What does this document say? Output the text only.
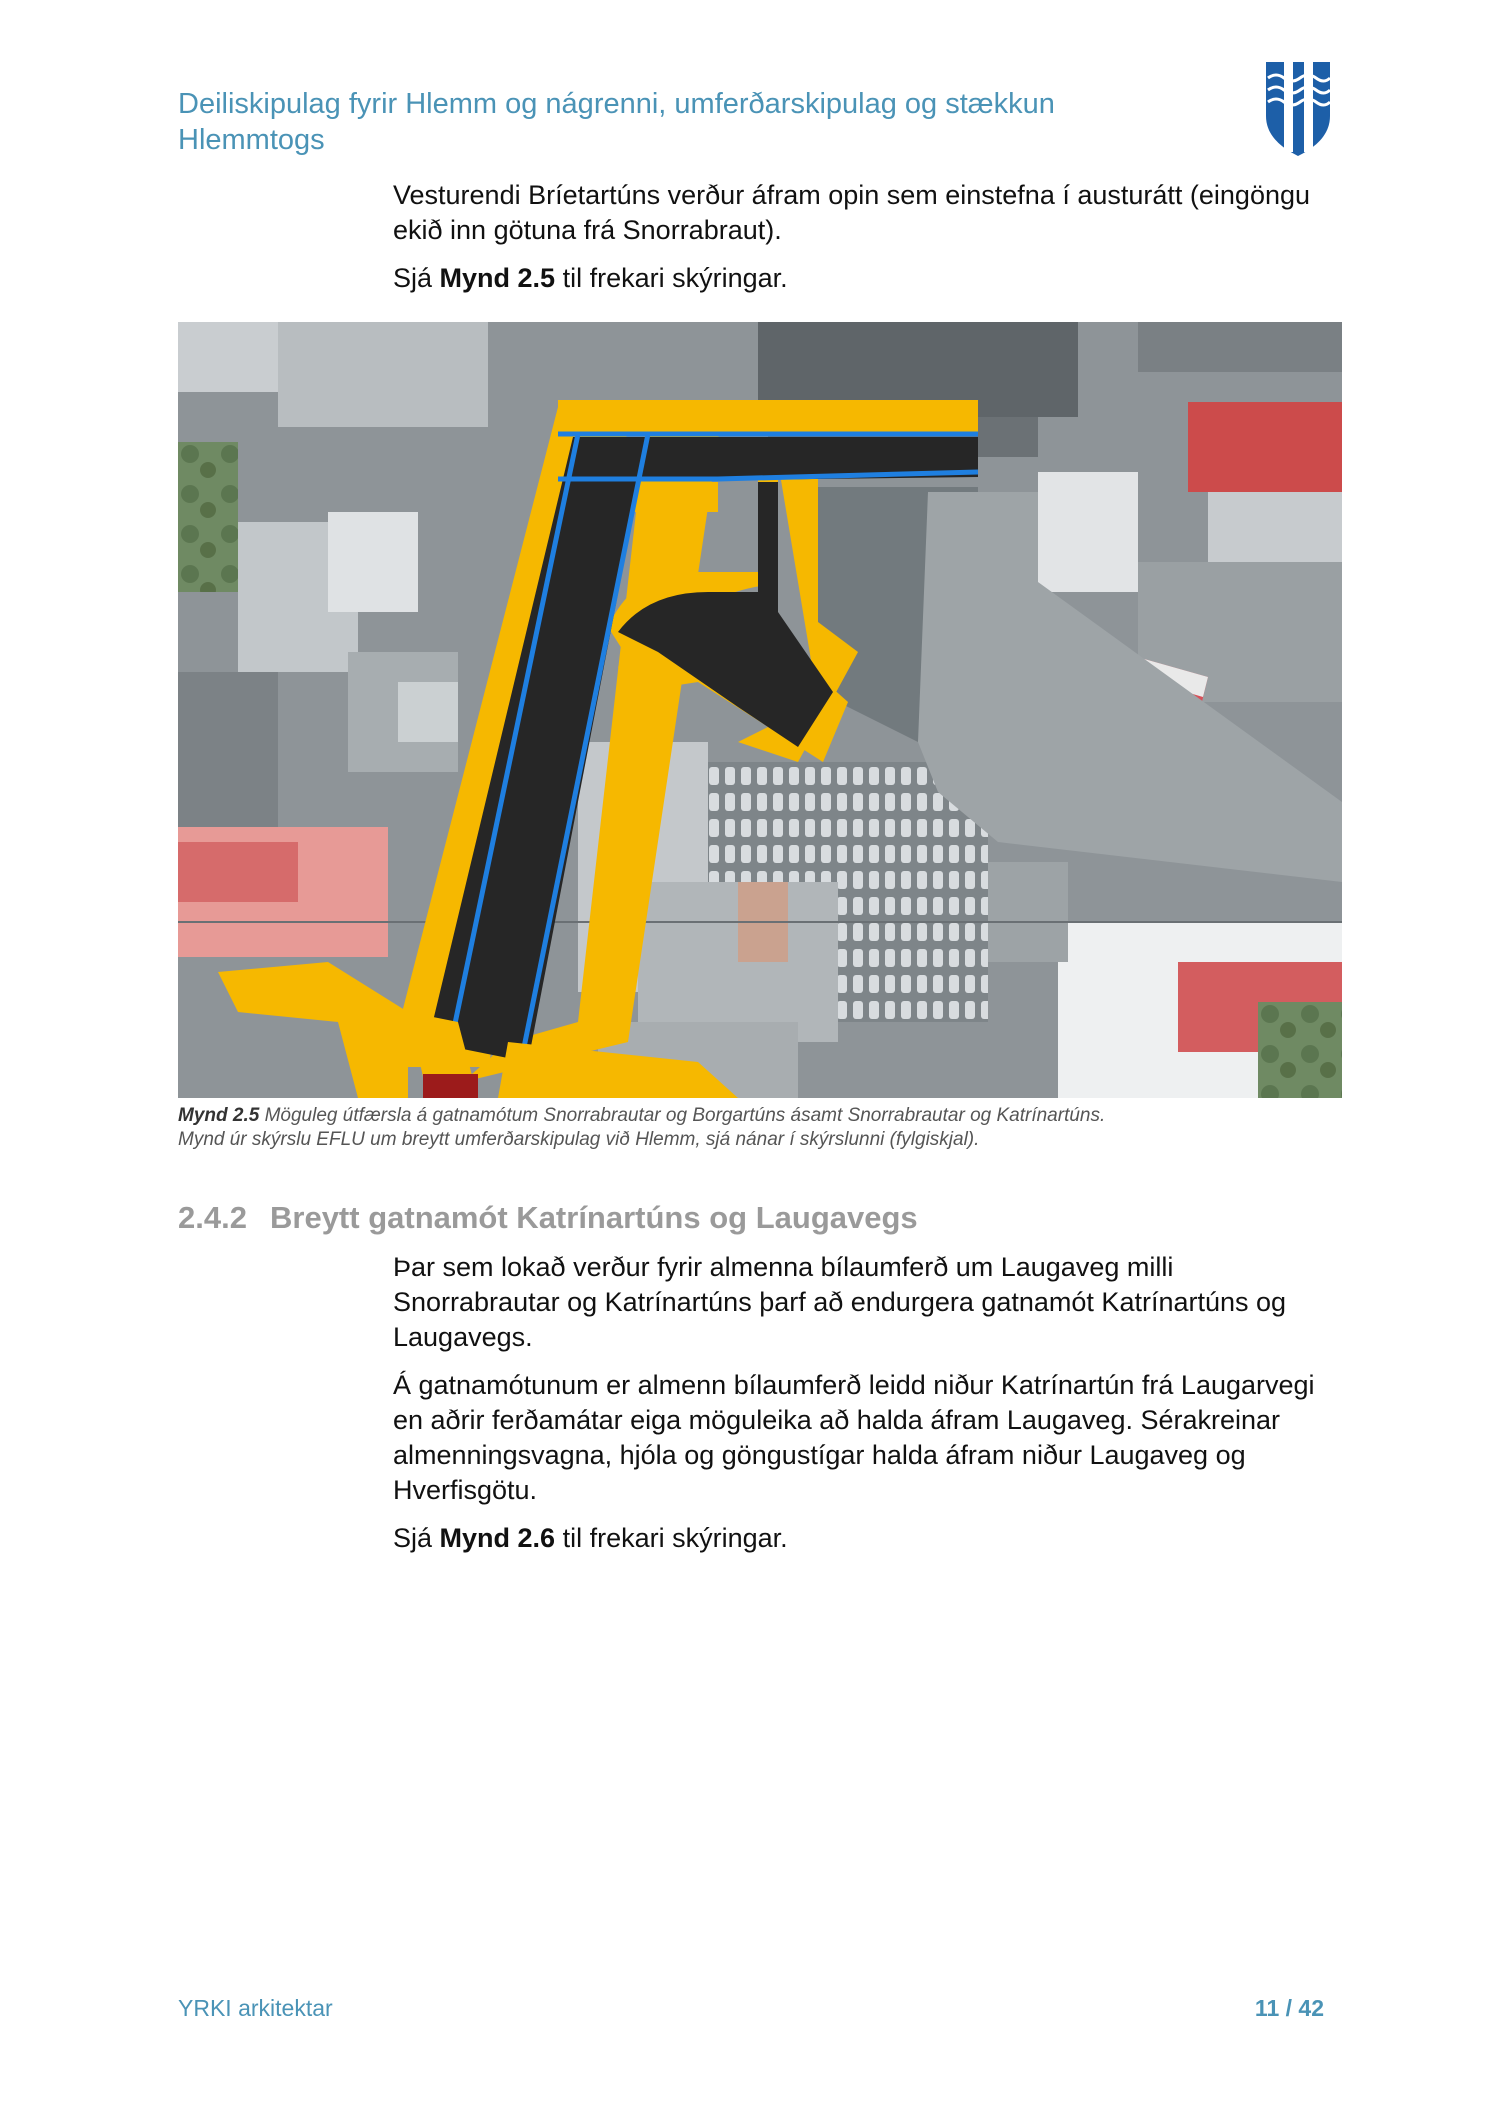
Deiliskipulag fyrir Hlemm og nágrenni, umferðarskipulag og stækkun Hlemmtogs

Vesturendi Bríetartúns verður áfram opin sem einstefna í austurátt (eingöngu ekið inn götuna frá Snorrabraut).

Sjá Mynd 2.5 til frekari skýringar.

Mynd 2.5 Möguleg útfærsla á gatnamótum Snorrabrautar og Borgartúns ásamt Snorrabrautar og Katrínartúns.
Mynd úr skýrslu EFLU um breytt umferðarskipulag við Hlemm, sjá nánar í skýrslunni (fylgiskjal).
2.4.2 Breytt gatnamót Katrínartúns og Laugavegs

Þar sem lokað verður fyrir almenna bílaumferð um Laugaveg milli Snorrabrautar og Katrínartúns þarf að endurgera gatnamót Katrínartúns og Laugavegs.

Á gatnamótunum er almenn bílaumferð leidd niður Katrínartún frá Laugarvegi en aðrir ferðamátar eiga möguleika að halda áfram Laugaveg. Sérakreinar almenningsvagna, hjóla og göngustígar halda áfram niður Laugaveg og Hverfisgötu.

Sjá Mynd 2.6 til frekari skýringar.

YRKI arkitektar	11 / 42
